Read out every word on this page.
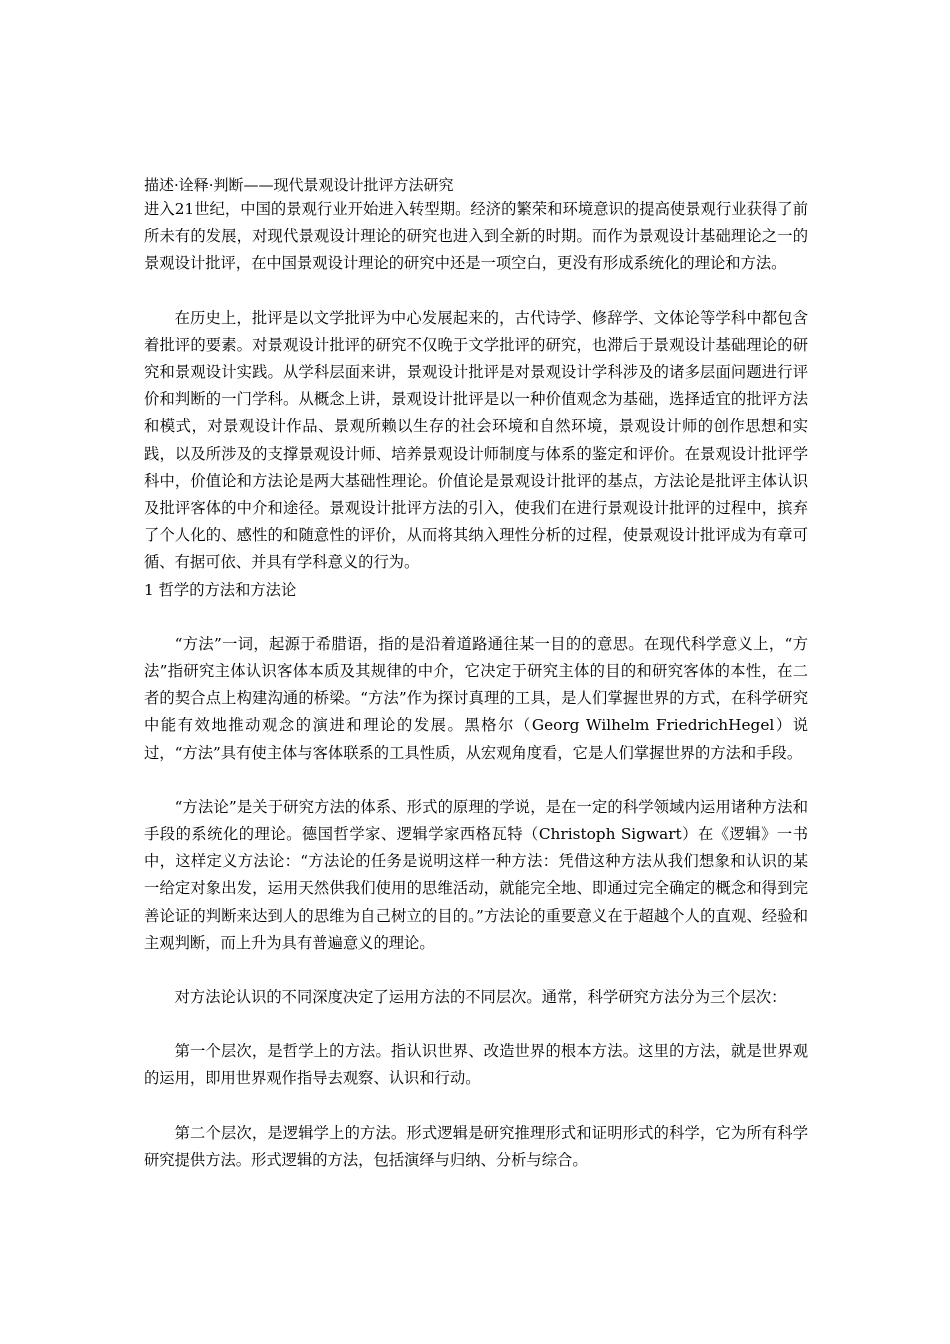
描述·诠释·判断——现代景观设计批评方法研究

进入21世纪，中国的景观行业开始进入转型期。经济的繁荣和环境意识的提高使景观行业获得了前所未有的发展，对现代景观设计理论的研究也进入到全新的时期。而作为景观设计基础理论之一的景观设计批评，在中国景观设计理论的研究中还是一项空白，更没有形成系统化的理论和方法。

在历史上，批评是以文学批评为中心发展起来的，古代诗学、修辞学、文体论等学科中都包含着批评的要素。对景观设计批评的研究不仅晚于文学批评的研究，也滞后于景观设计基础理论的研究和景观设计实践。从学科层面来讲，景观设计批评是对景观设计学科涉及的诸多层面问题进行评价和判断的一门学科。从概念上讲，景观设计批评是以一种价值观念为基础，选择适宜的批评方法和模式，对景观设计作品、景观所赖以生存的社会环境和自然环境，景观设计师的创作思想和实践，以及所涉及的支撑景观设计师、培养景观设计师制度与体系的鉴定和评价。在景观设计批评学科中，价值论和方法论是两大基础性理论。价值论是景观设计批评的基点，方法论是批评主体认识及批评客体的中介和途径。景观设计批评方法的引入，使我们在进行景观设计批评的过程中，摈弃了个人化的、感性的和随意性的评价，从而将其纳入理性分析的过程，使景观设计批评成为有章可循、有据可依、并具有学科意义的行为。

1 哲学的方法和方法论

“方法”一词，起源于希腊语，指的是沿着道路通往某一目的的意思。在现代科学意义上，“方法”指研究主体认识客体本质及其规律的中介，它决定于研究主体的目的和研究客体的本性，在二者的契合点上构建沟通的桥梁。“方法”作为探讨真理的工具，是人们掌握世界的方式，在科学研究中能有效地推动观念的演进和理论的发展。黑格尔（Georg Wilhelm FriedrichHegel）说过，“方法”具有使主体与客体联系的工具性质，从宏观角度看，它是人们掌握世界的方法和手段。

“方法论”是关于研究方法的体系、形式的原理的学说，是在一定的科学领域内运用诸种方法和手段的系统化的理论。德国哲学家、逻辑学家西格瓦特（Christoph Sigwart）在《逻辑》一书中，这样定义方法论：“方法论的任务是说明这样一种方法：凭借这种方法从我们想象和认识的某一给定对象出发，运用天然供我们使用的思维活动，就能完全地、即通过完全确定的概念和得到完善论证的判断来达到人的思维为自己树立的目的。”方法论的重要意义在于超越个人的直观、经验和主观判断，而上升为具有普遍意义的理论。

对方法论认识的不同深度决定了运用方法的不同层次。通常，科学研究方法分为三个层次：

第一个层次，是哲学上的方法。指认识世界、改造世界的根本方法。这里的方法，就是世界观的运用，即用世界观作指导去观察、认识和行动。

第二个层次，是逻辑学上的方法。形式逻辑是研究推理形式和证明形式的科学，它为所有科学研究提供方法。形式逻辑的方法，包括演绎与归纳、分析与综合。
